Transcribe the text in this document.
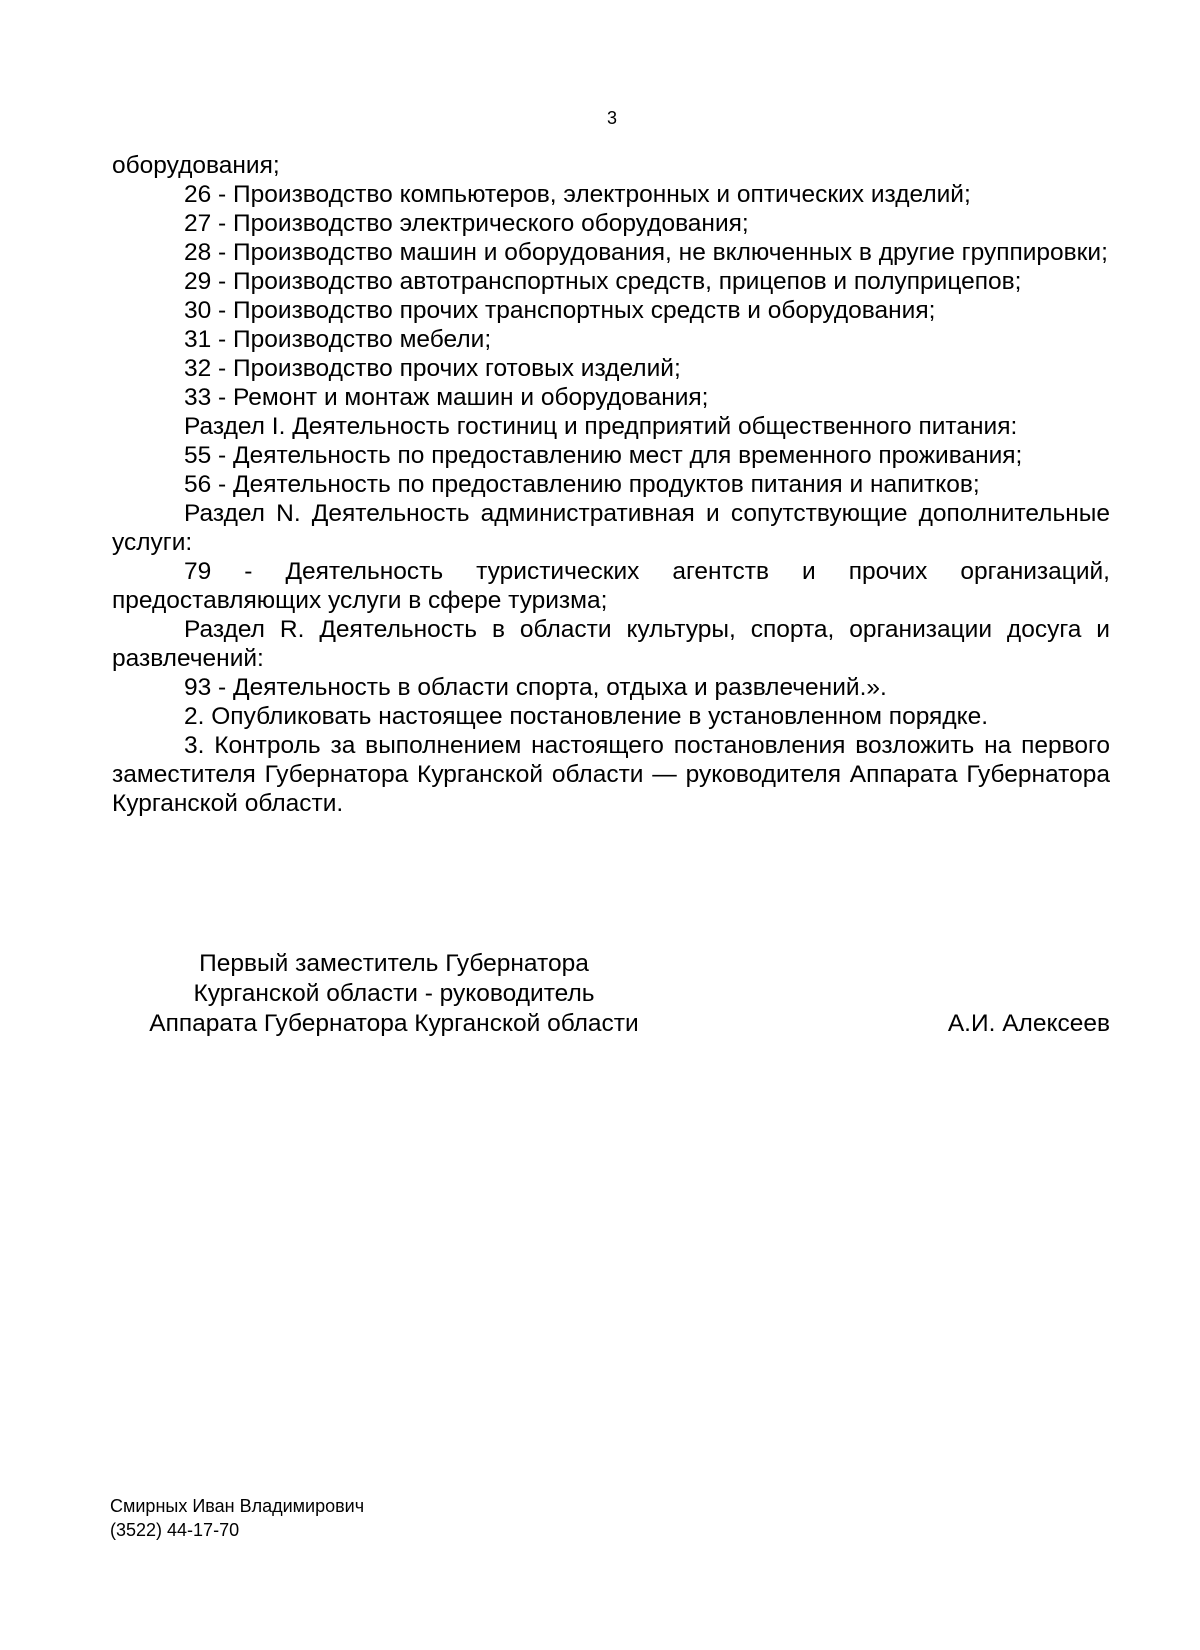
3

оборудования;

26 - Производство компьютеров, электронных и оптических изделий;

27 - Производство электрического оборудования;

28 - Производство машин и оборудования, не включенных в другие группировки;

29 - Производство автотранспортных средств, прицепов и полуприцепов;

30 - Производство прочих транспортных средств и оборудования;

31 - Производство мебели;

32 - Производство прочих готовых изделий;

33 - Ремонт и монтаж машин и оборудования;

Раздел I. Деятельность гостиниц и предприятий общественного питания:

55 - Деятельность по предоставлению мест для временного проживания;

56 - Деятельность по предоставлению продуктов питания и напитков;

Раздел N. Деятельность административная и сопутствующие дополнительные услуги:

79 - Деятельность туристических агентств и прочих организаций, предоставляющих услуги в сфере туризма;

Раздел R. Деятельность в области культуры, спорта, организации досуга и развлечений:

93 - Деятельность в области спорта, отдыха и развлечений.».

2. Опубликовать настоящее постановление в установленном порядке.

3. Контроль за выполнением настоящего постановления возложить на первого заместителя Губернатора Курганской области — руководителя Аппарата Губернатора Курганской области.

Первый заместитель Губернатора
Курганской области - руководитель
Аппарата Губернатора Курганской области	А.И. Алексеев
Смирных Иван Владимирович
(3522) 44-17-70
